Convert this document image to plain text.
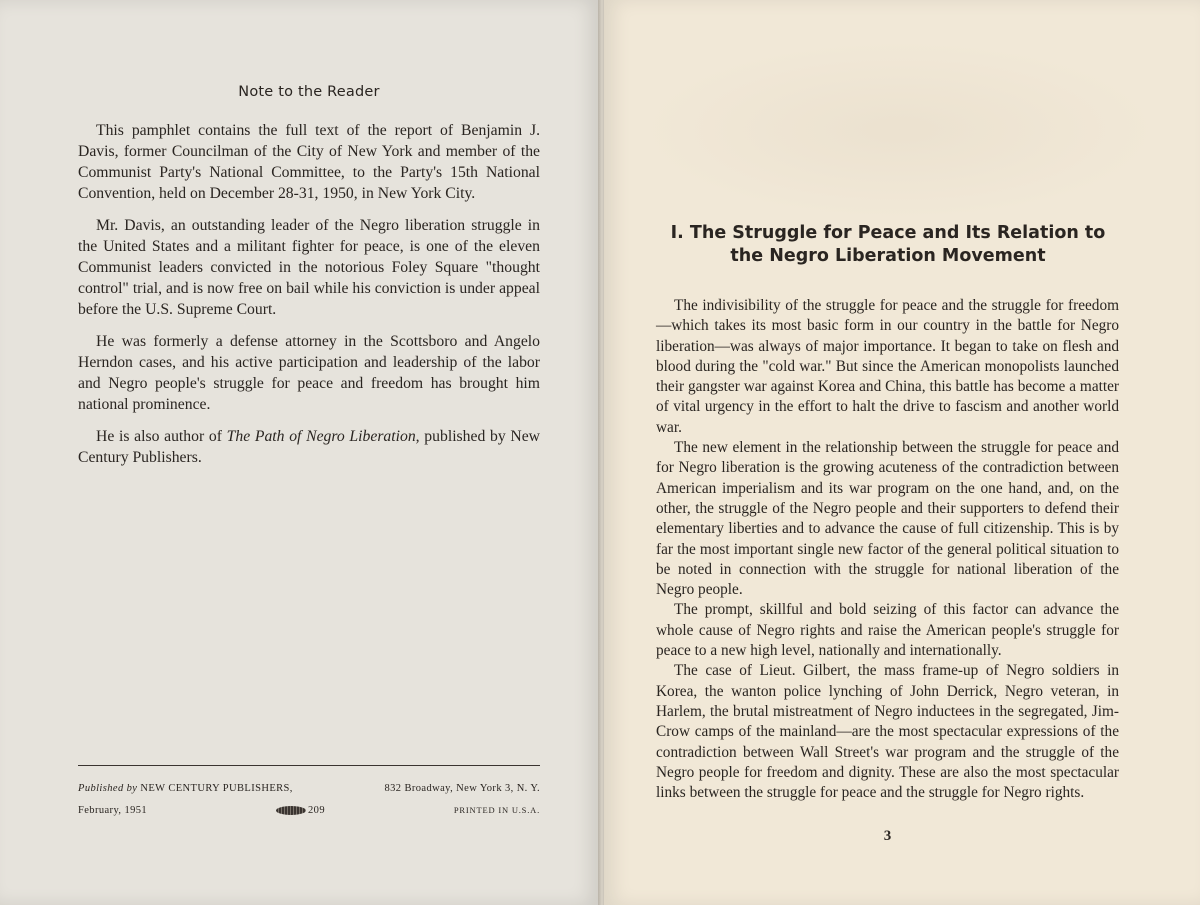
Note to the Reader

This pamphlet contains the full text of the report of Benjamin J. Davis, former Councilman of the City of New York and member of the Communist Party's National Committee, to the Party's 15th National Convention, held on December 28-31, 1950, in New York City.

Mr. Davis, an outstanding leader of the Negro liberation struggle in the United States and a militant fighter for peace, is one of the eleven Communist leaders convicted in the notorious Foley Square "thought control" trial, and is now free on bail while his conviction is under appeal before the U.S. Supreme Court.

He was formerly a defense attorney in the Scottsboro and Angelo Herndon cases, and his active participation and leadership of the labor and Negro people's struggle for peace and freedom has brought him national prominence.

He is also author of The Path of Negro Liberation, published by New Century Publishers.

Published by NEW CENTURY PUBLISHERS,	832 Broadway, New York 3, N. Y.
February, 1951	209	PRINTED IN U.S.A.
I. The Struggle for Peace and Its Relation to
the Negro Liberation Movement

The indivisibility of the struggle for peace and the struggle for freedom—which takes its most basic form in our country in the battle for Negro liberation—was always of major importance. It began to take on flesh and blood during the "cold war." But since the American monopolists launched their gangster war against Korea and China, this battle has become a matter of vital urgency in the effort to halt the drive to fascism and another world war.

The new element in the relationship between the struggle for peace and for Negro liberation is the growing acuteness of the contradiction between American imperialism and its war program on the one hand, and, on the other, the struggle of the Negro people and their supporters to defend their elementary liberties and to advance the cause of full citizenship. This is by far the most important single new factor of the general political situation to be noted in connection with the struggle for national liberation of the Negro people.

The prompt, skillful and bold seizing of this factor can advance the whole cause of Negro rights and raise the American people's struggle for peace to a new high level, nationally and internationally.

The case of Lieut. Gilbert, the mass frame-up of Negro soldiers in Korea, the wanton police lynching of John Derrick, Negro veteran, in Harlem, the brutal mistreatment of Negro inductees in the segregated, Jim-Crow camps of the mainland—are the most spectacular expressions of the contradiction between Wall Street's war program and the struggle of the Negro people for freedom and dignity. These are also the most spectacular links between the struggle for peace and the struggle for Negro rights.

3
